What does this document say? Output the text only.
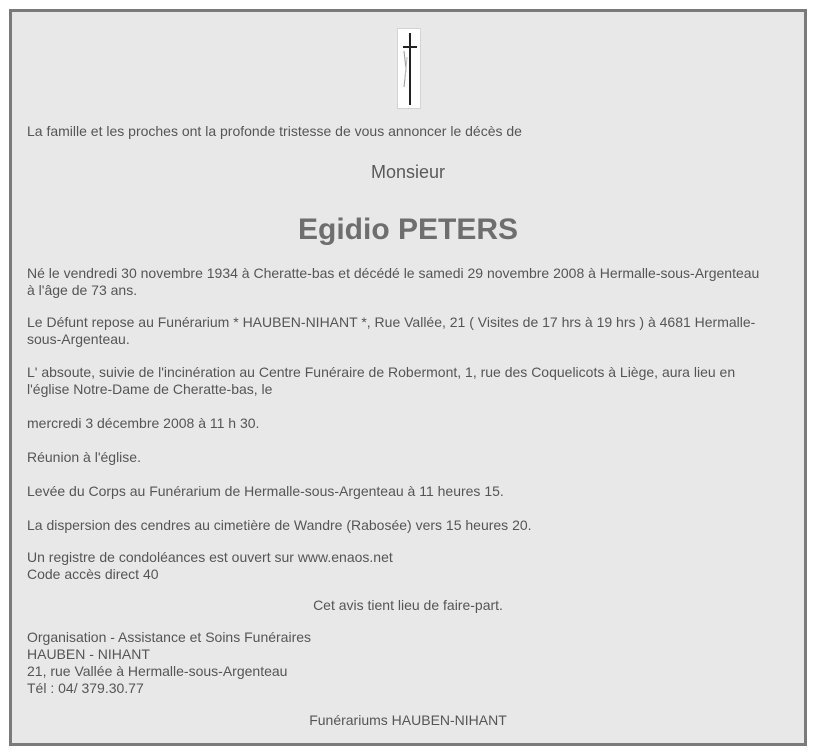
La famille et les proches ont la profonde tristesse de vous annoncer le décès de
Monsieur
Egidio PETERS
Né le vendredi 30 novembre 1934 à Cheratte-bas et décédé le samedi 29 novembre 2008 à Hermalle-sous-Argenteau
à l'âge de 73 ans.
Le Défunt repose au Funérarium * HAUBEN-NIHANT *, Rue Vallée, 21 ( Visites de 17 hrs à 19 hrs ) à 4681 Hermalle-
sous-Argenteau.
L' absoute, suivie de l'incinération au Centre Funéraire de Robermont, 1, rue des Coquelicots à Liège, aura lieu en
l'église Notre-Dame de Cheratte-bas, le
mercredi 3 décembre 2008 à 11 h 30.
Réunion à l'église.
Levée du Corps au Funérarium de Hermalle-sous-Argenteau à 11 heures 15.
La dispersion des cendres au cimetière de Wandre (Rabosée) vers 15 heures 20.
Un registre de condoléances est ouvert sur www.enaos.net
Code accès direct 40
Cet avis tient lieu de faire-part.
Organisation - Assistance et Soins Funéraires
HAUBEN - NIHANT
21, rue Vallée à Hermalle-sous-Argenteau
Tél : 04/ 379.30.77
Funérariums HAUBEN-NIHANT
